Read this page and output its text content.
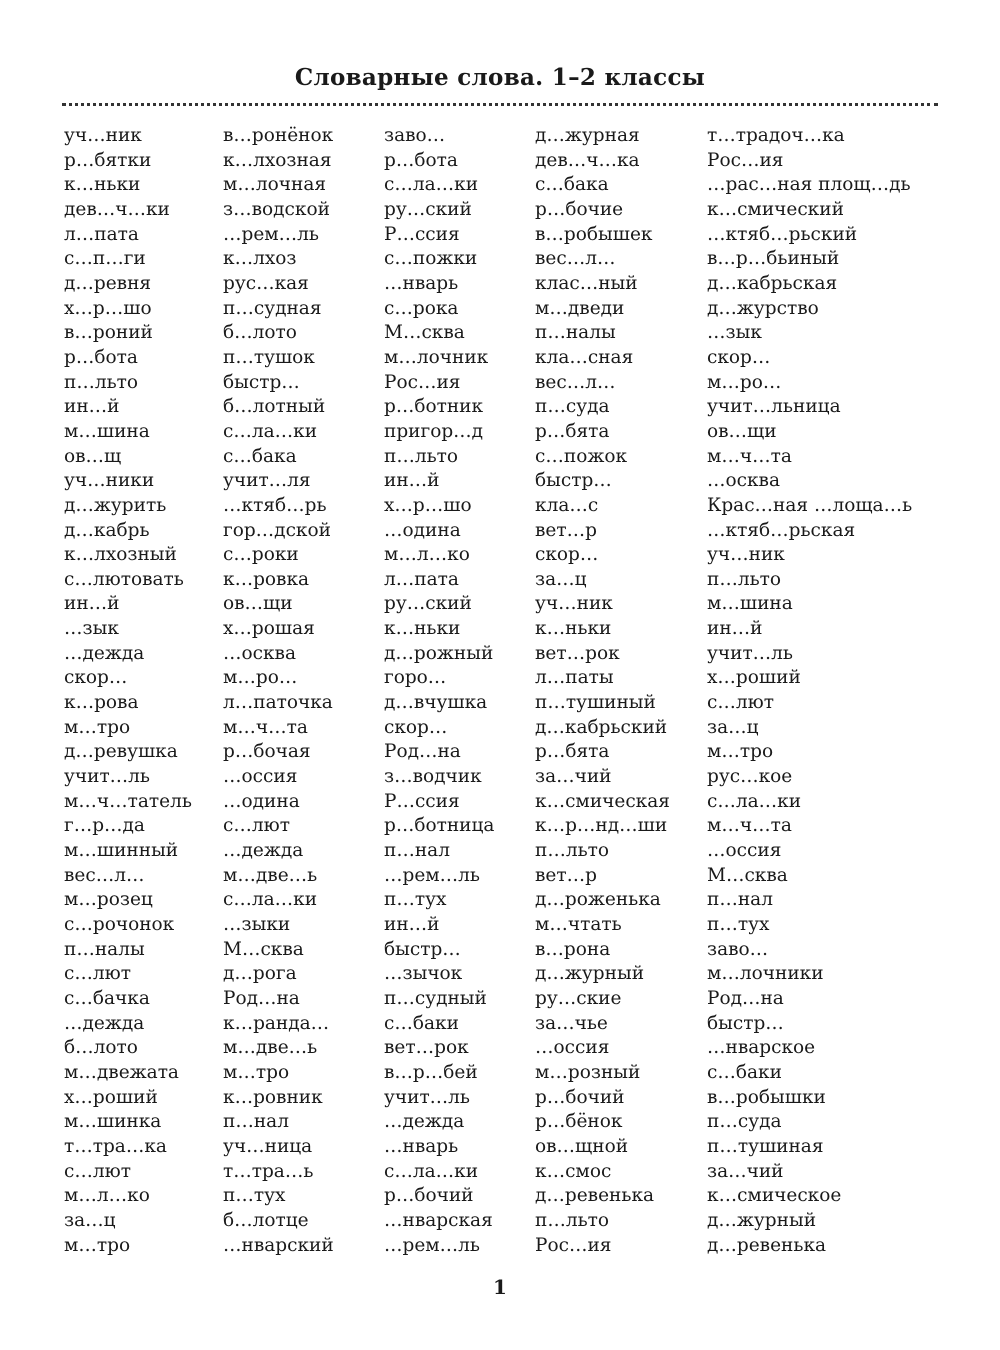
Словарные слова. 1–2 классы
уч…ник
р…бятки
к…ньки
дев…ч…ки
л…пата
с…п…ги
д…ревня
х…р…шо
в…роний
р…бота
п…льто
ин…й
м…шина
ов…щ
уч…ники
д…журить
д…кабрь
к…лхозный
с…лютовать
ин…й
…зык
…дежда
скор…
к…рова
м…тро
д…ревушка
учит…ль
м…ч…татель
г…р…да
м…шинный
вес…л…
м…розец
с…рочонок
п…налы
с…лют
с…бачка
…дежда
б…лото
м…двежата
х…роший
м…шинка
т…тра…ка
с…лют
м…л…ко
за…ц
м…тро
в…ронёнок
к…лхозная
м…лочная
з…водской
…рем…ль
к…лхоз
рус…кая
п…судная
б…лото
п…тушок
быстр…
б…лотный
с…ла…ки
с…бака
учит…ля
…ктяб…рь
гор…дской
с…роки
к…ровка
ов…щи
х…рошая
…осква
м…ро…
л…паточка
м…ч…та
р…бочая
…оссия
…одина
с…лют
…дежда
м…две…ь
с…ла…ки
…зыки
М…сква
д…рога
Род…на
к…ранда…
м…две…ь
м…тро
к…ровник
п…нал
уч…ница
т…тра…ь
п…тух
б…лотце
…нварский
заво…
р…бота
с…ла…ки
ру…ский
Р…ссия
с…пожки
…нварь
с…рока
М…сква
м…лочник
Рос…ия
р…ботник
пригор…д
п…льто
ин…й
х…р…шо
…одина
м…л…ко
л…пата
ру…ский
к…ньки
д…рожный
горо…
д…вчушка
скор…
Род…на
з…водчик
Р…ссия
р…ботница
п…нал
…рем…ль
п…тух
ин…й
быстр…
…зычок
п…судный
с…баки
вет…рок
в…р…бей
учит…ль
…дежда
…нварь
с…ла…ки
р…бочий
…нварская
…рем…ль
д…журная
дев…ч…ка
с…бака
р…бочие
в…робышек
вес…л…
клас…ный
м…дведи
п…налы
кла…сная
вес…л…
п…суда
р…бята
с…пожок
быстр…
кла…с
вет…р
скор…
за…ц
уч…ник
к…ньки
вет…рок
л…паты
п…тушиный
д…кабрьский
р…бята
за…чий
к…смическая
к…р…нд…ши
п…льто
вет…р
д…роженька
м…чтать
в…рона
д…журный
ру…ские
за…чье
…оссия
м…розный
р…бочий
р…бёнок
ов…щной
к…смос
д…ревенька
п…льто
Рос…ия
т…традоч…ка
Рос…ия
…рас…ная площ…дь
к…смический
…ктяб…рьский
в…р…бьиный
д…кабрьская
д…журство
…зык
скор…
м…ро…
учит…льница
ов…щи
м…ч…та
…осква
Крас…ная …лоща…ь
…ктяб…рьская
уч…ник
п…льто
м…шина
ин…й
учит…ль
х…роший
с…лют
за…ц
м…тро
рус…кое
с…ла…ки
м…ч…та
…оссия
М…сква
п…нал
п…тух
заво…
м…лочники
Род…на
быстр…
…нварское
с…баки
в…робышки
п…суда
п…тушиная
за…чий
к…смическое
д…журный
д…ревенька
1
